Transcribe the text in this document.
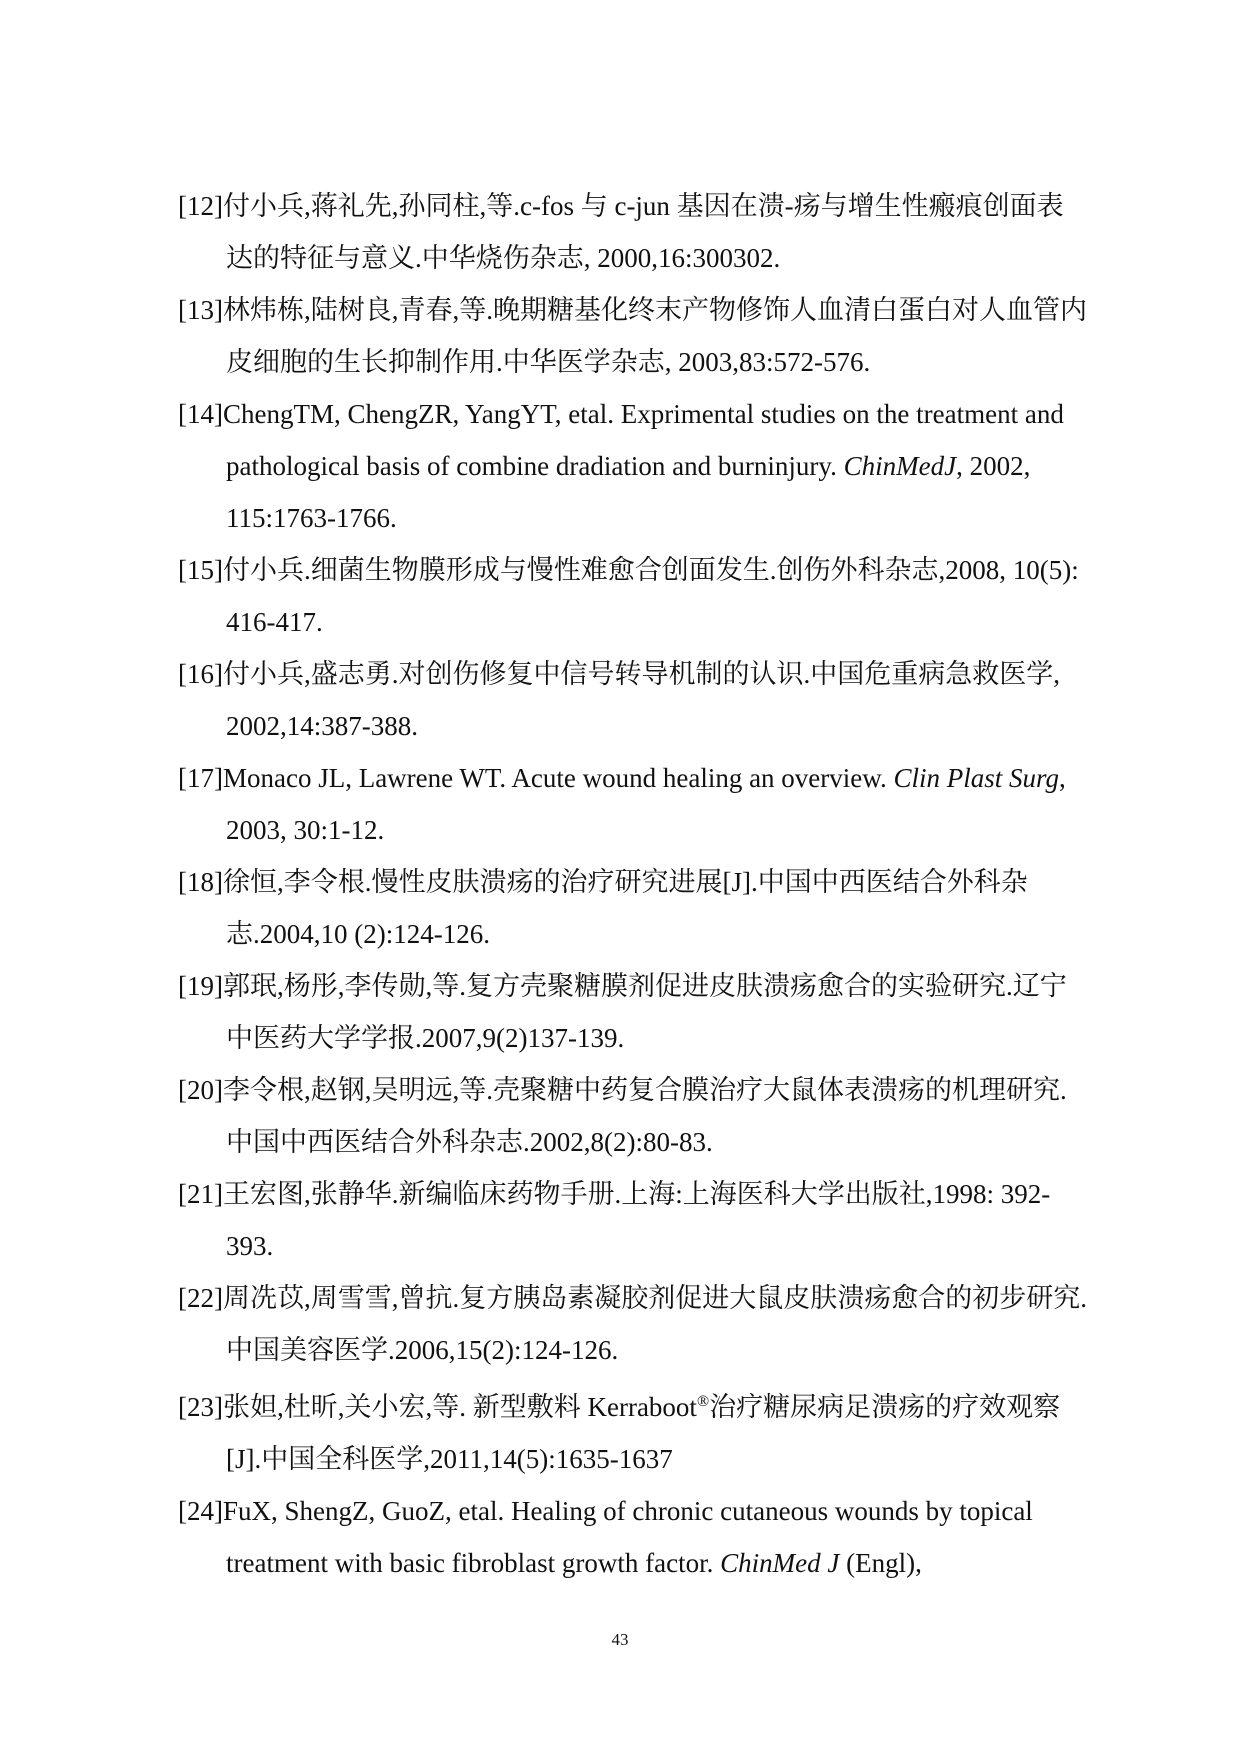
[12]付小兵,蒋礼先,孙同柱,等.c-fos 与 c-jun 基因在溃-疡与增生性瘢痕创面表达的特征与意义.中华烧伤杂志, 2000,16:300302.

[13]林炜栋,陆树良,青春,等.晚期糖基化终末产物修饰人血清白蛋白对人血管内皮细胞的生长抑制作用.中华医学杂志, 2003,83:572-576.

[14]ChengTM, ChengZR, YangYT, etal. Exprimental studies on the treatment and pathological basis of combine dradiation and burninjury. ChinMedJ, 2002, 115:1763-1766.

[15]付小兵.细菌生物膜形成与慢性难愈合创面发生.创伤外科杂志,2008, 10(5): 416-417.

[16]付小兵,盛志勇.对创伤修复中信号转导机制的认识.中国危重病急救医学, 2002,14:387-388.

[17]Monaco JL, Lawrene WT. Acute wound healing an overview. Clin Plast Surg, 2003, 30:1-12.

[18]徐恒,李令根.慢性皮肤溃疡的治疗研究进展[J].中国中西医结合外科杂志.2004,10 (2):124-126.

[19]郭珉,杨彤,李传勋,等.复方壳聚糖膜剂促进皮肤溃疡愈合的实验研究.辽宁中医药大学学报.2007,9(2)137-139.

[20]李令根,赵钢,吴明远,等.壳聚糖中药复合膜治疗大鼠体表溃疡的机理研究.中国中西医结合外科杂志.2002,8(2):80-83.

[21]王宏图,张静华.新编临床药物手册.上海:上海医科大学出版社,1998: 392-393.

[22]周冼苡,周雪雪,曾抗.复方胰岛素凝胶剂促进大鼠皮肤溃疡愈合的初步研究.中国美容医学.2006,15(2):124-126.

[23]张妲,杜昕,关小宏,等. 新型敷料 Kerraboot®治疗糖尿病足溃疡的疗效观察[J].中国全科医学,2011,14(5):1635-1637

[24]FuX, ShengZ, GuoZ, etal. Healing of chronic cutaneous wounds by topical treatment with basic fibroblast growth factor. ChinMed J (Engl),

43
